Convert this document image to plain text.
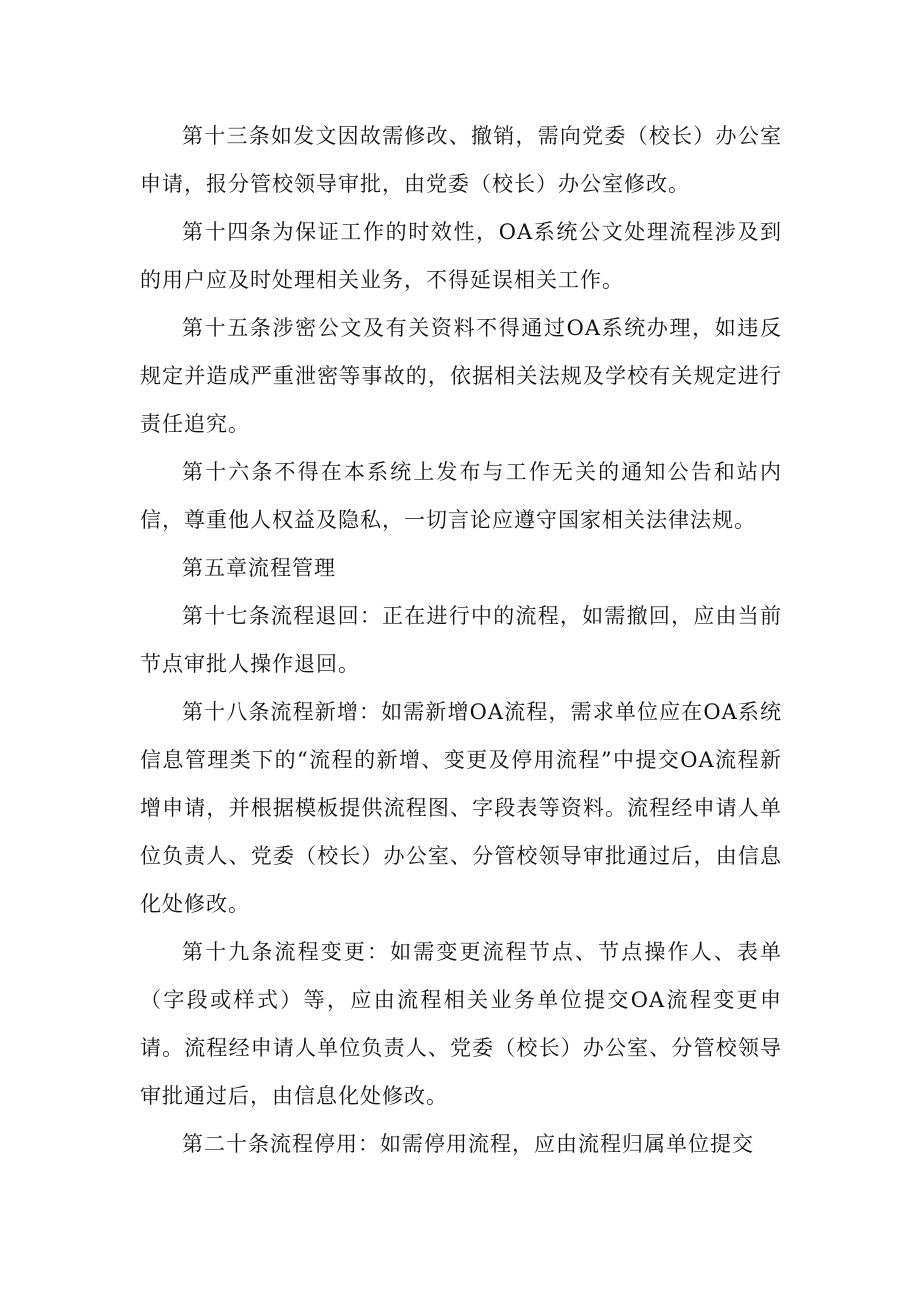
第十三条如发文因故需修改、撤销，需向党委（校长）办公室申请，报分管校领导审批，由党委（校长）办公室修改。

第十四条为保证工作的时效性，OA系统公文处理流程涉及到的用户应及时处理相关业务，不得延误相关工作。

第十五条涉密公文及有关资料不得通过OA系统办理，如违反规定并造成严重泄密等事故的，依据相关法规及学校有关规定进行责任追究。

第十六条不得在本系统上发布与工作无关的通知公告和站内信，尊重他人权益及隐私，一切言论应遵守国家相关法律法规。

第五章流程管理

第十七条流程退回：正在进行中的流程，如需撤回，应由当前节点审批人操作退回。

第十八条流程新增：如需新增OA流程，需求单位应在OA系统信息管理类下的“流程的新增、变更及停用流程”中提交OA流程新增申请，并根据模板提供流程图、字段表等资料。流程经申请人单位负责人、党委（校长）办公室、分管校领导审批通过后，由信息化处修改。

第十九条流程变更：如需变更流程节点、节点操作人、表单（字段或样式）等，应由流程相关业务单位提交OA流程变更申请。流程经申请人单位负责人、党委（校长）办公室、分管校领导审批通过后，由信息化处修改。

第二十条流程停用：如需停用流程，应由流程归属单位提交
